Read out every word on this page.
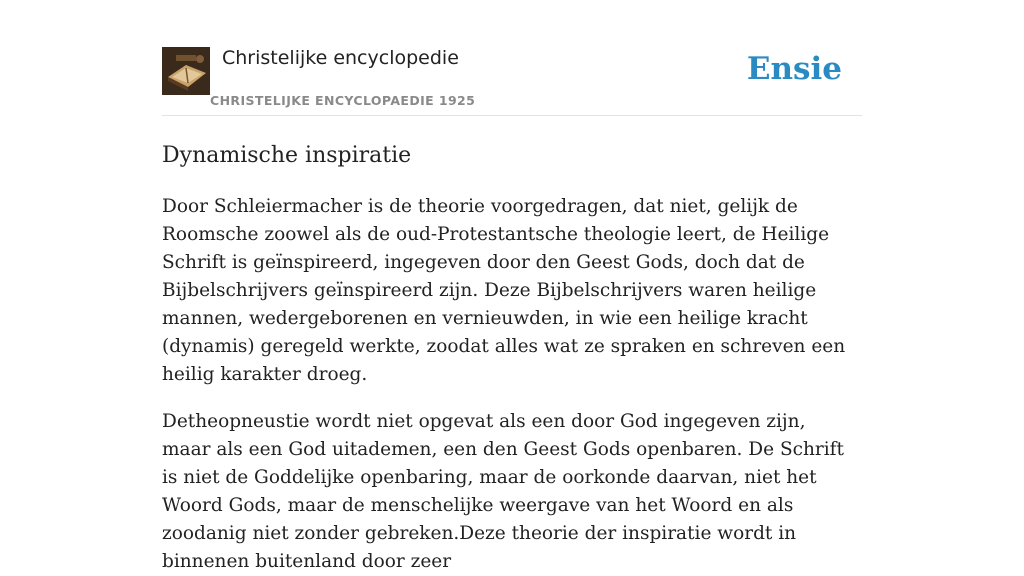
Christelijke encyclopedie
CHRISTELIJKE ENCYCLOPAEDIE 1925
Ensie
Dynamische inspiratie

Door Schleiermacher is de theorie voorgedragen, dat niet, gelijk de Roomsche zoowel als de oud-Protestantsche theologie leert, de Heilige Schrift is geïnspireerd, ingegeven door den Geest Gods, doch dat de Bijbelschrijvers geïnspireerd zijn. Deze Bijbelschrijvers waren heilige mannen, wedergeborenen en vernieuwden, in wie een heilige kracht (dynamis) geregeld werkte, zoodat alles wat ze spraken en schreven een heilig karakter droeg.

Detheopneustie wordt niet opgevat als een door God ingegeven zijn, maar als een God uitademen, een den Geest Gods openbaren. De Schrift is niet de Goddelijke openbaring, maar de oorkonde daarvan, niet het Woord Gods, maar de menschelijke weergave van het Woord en als zoodanig niet zonder gebreken.Deze theorie der inspiratie wordt in binnenen buitenland door zeer
